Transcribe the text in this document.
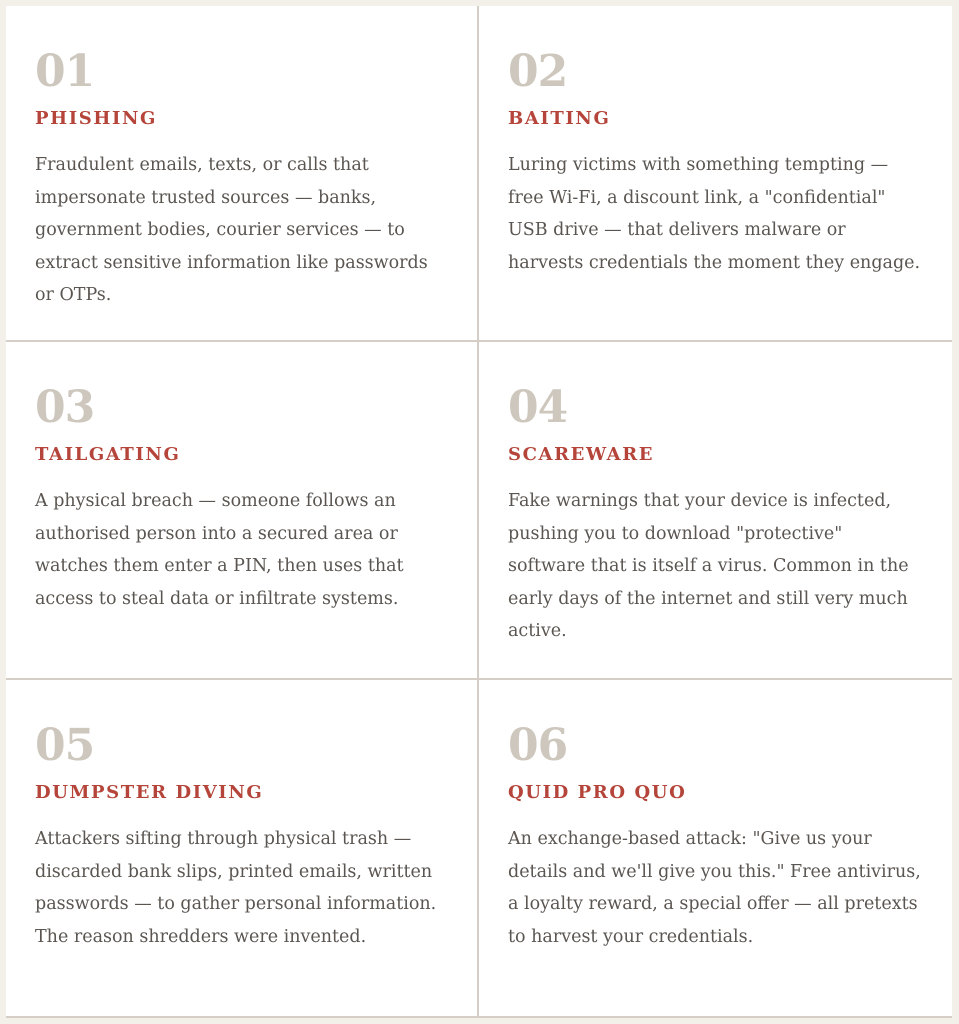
01
PHISHING
Fraudulent emails, texts, or calls that impersonate trusted sources — banks, government bodies, courier services — to extract sensitive information like passwords or OTPs.
02
BAITING
Luring victims with something tempting — free Wi-Fi, a discount link, a "confidential" USB drive — that delivers malware or harvests credentials the moment they engage.
03
TAILGATING
A physical breach — someone follows an authorised person into a secured area or watches them enter a PIN, then uses that access to steal data or infiltrate systems.
04
SCAREWARE
Fake warnings that your device is infected, pushing you to download "protective" software that is itself a virus. Common in the early days of the internet and still very much active.
05
DUMPSTER DIVING
Attackers sifting through physical trash — discarded bank slips, printed emails, written passwords — to gather personal information. The reason shredders were invented.
06
QUID PRO QUO
An exchange-based attack: "Give us your details and we'll give you this." Free antivirus, a loyalty reward, a special offer — all pretexts to harvest your credentials.
